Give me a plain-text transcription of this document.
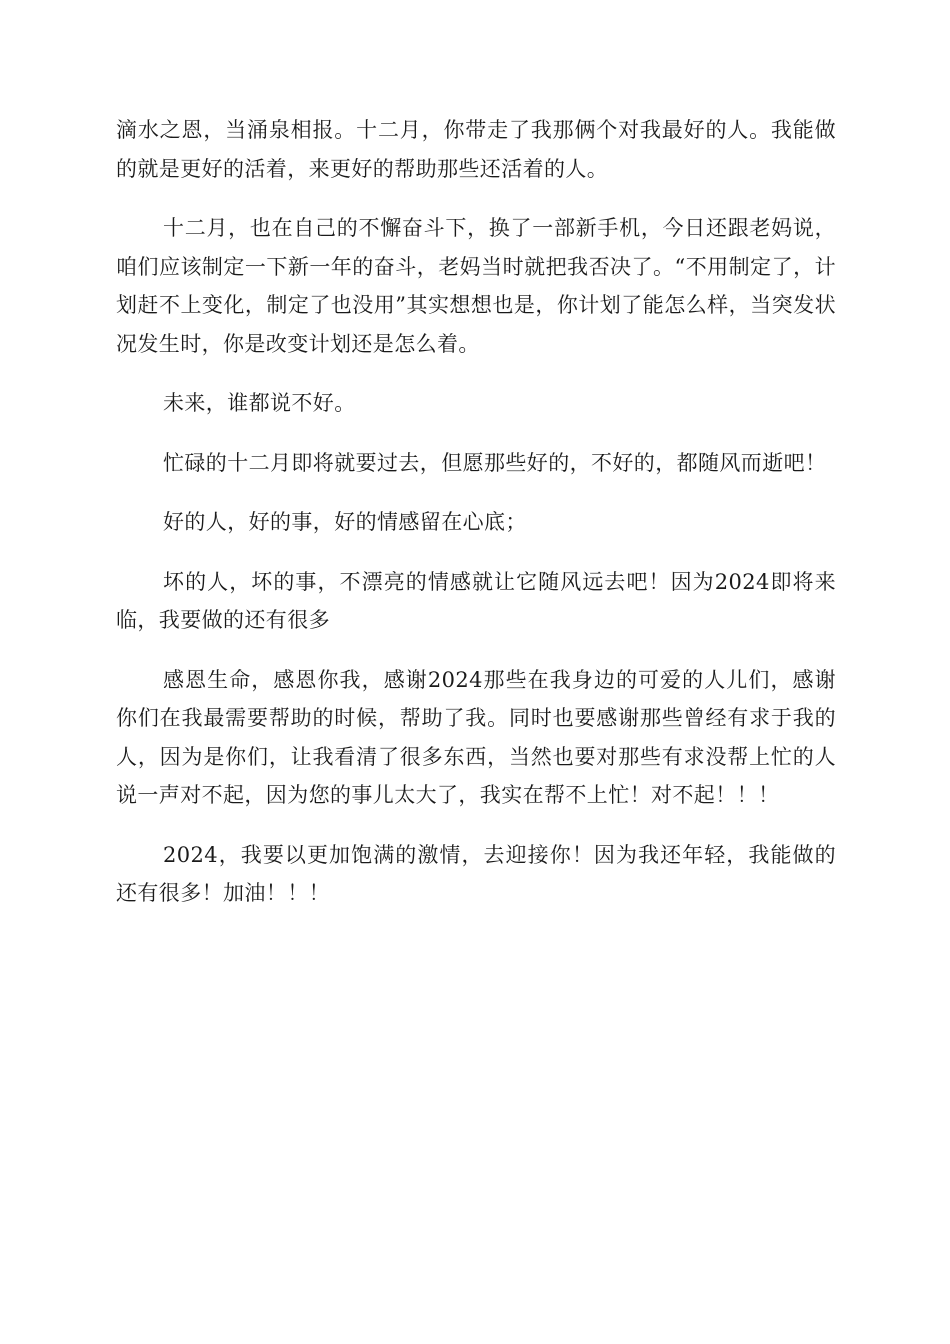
滴水之恩，当涌泉相报。十二月，你带走了我那俩个对我最好的人。我能做的就是更好的活着，来更好的帮助那些还活着的人。

十二月，也在自己的不懈奋斗下，换了一部新手机，今日还跟老妈说，咱们应该制定一下新一年的奋斗，老妈当时就把我否决了。“不用制定了，计划赶不上变化，制定了也没用”其实想想也是，你计划了能怎么样，当突发状况发生时，你是改变计划还是怎么着。

未来，谁都说不好。

忙碌的十二月即将就要过去，但愿那些好的，不好的，都随风而逝吧！

好的人，好的事，好的情感留在心底；

坏的人，坏的事，不漂亮的情感就让它随风远去吧！因为2024即将来临，我要做的还有很多

感恩生命，感恩你我，感谢2024那些在我身边的可爱的人儿们，感谢你们在我最需要帮助的时候，帮助了我。同时也要感谢那些曾经有求于我的人，因为是你们，让我看清了很多东西，当然也要对那些有求没帮上忙的人说一声对不起，因为您的事儿太大了，我实在帮不上忙！对不起！！！

2024，我要以更加饱满的激情，去迎接你！因为我还年轻，我能做的还有很多！加油！！！
